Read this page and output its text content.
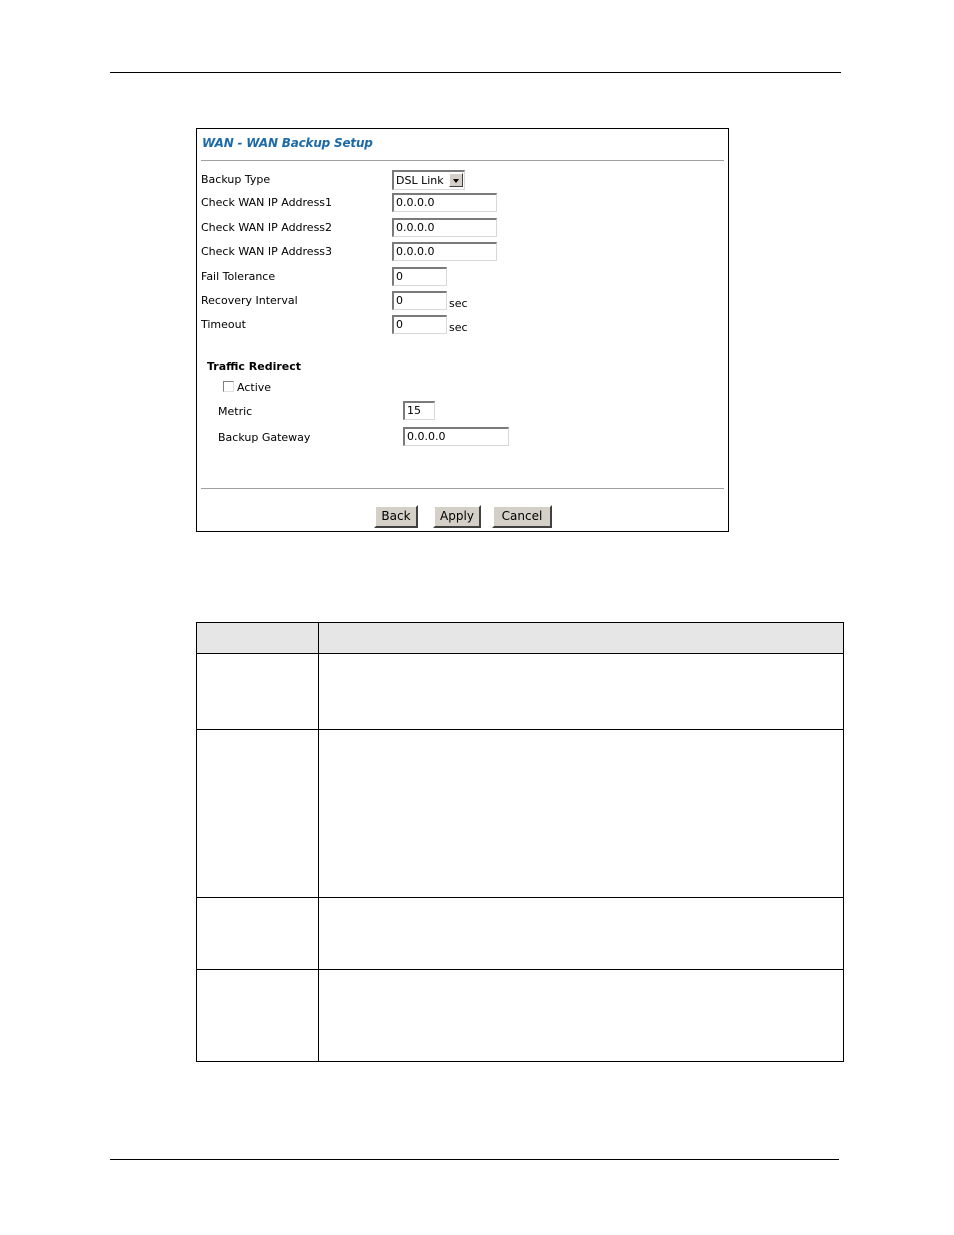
WAN - WAN Backup Setup
Backup Type	DSL Link
Check WAN IP Address1	0.0.0.0
Check WAN IP Address2	0.0.0.0
Check WAN IP Address3	0.0.0.0
Fail Tolerance	0
Recovery Interval	0	sec
Timeout	0	sec
Traffic Redirect
Active
Metric	15
Backup Gateway	0.0.0.0
Back	Apply	Cancel
